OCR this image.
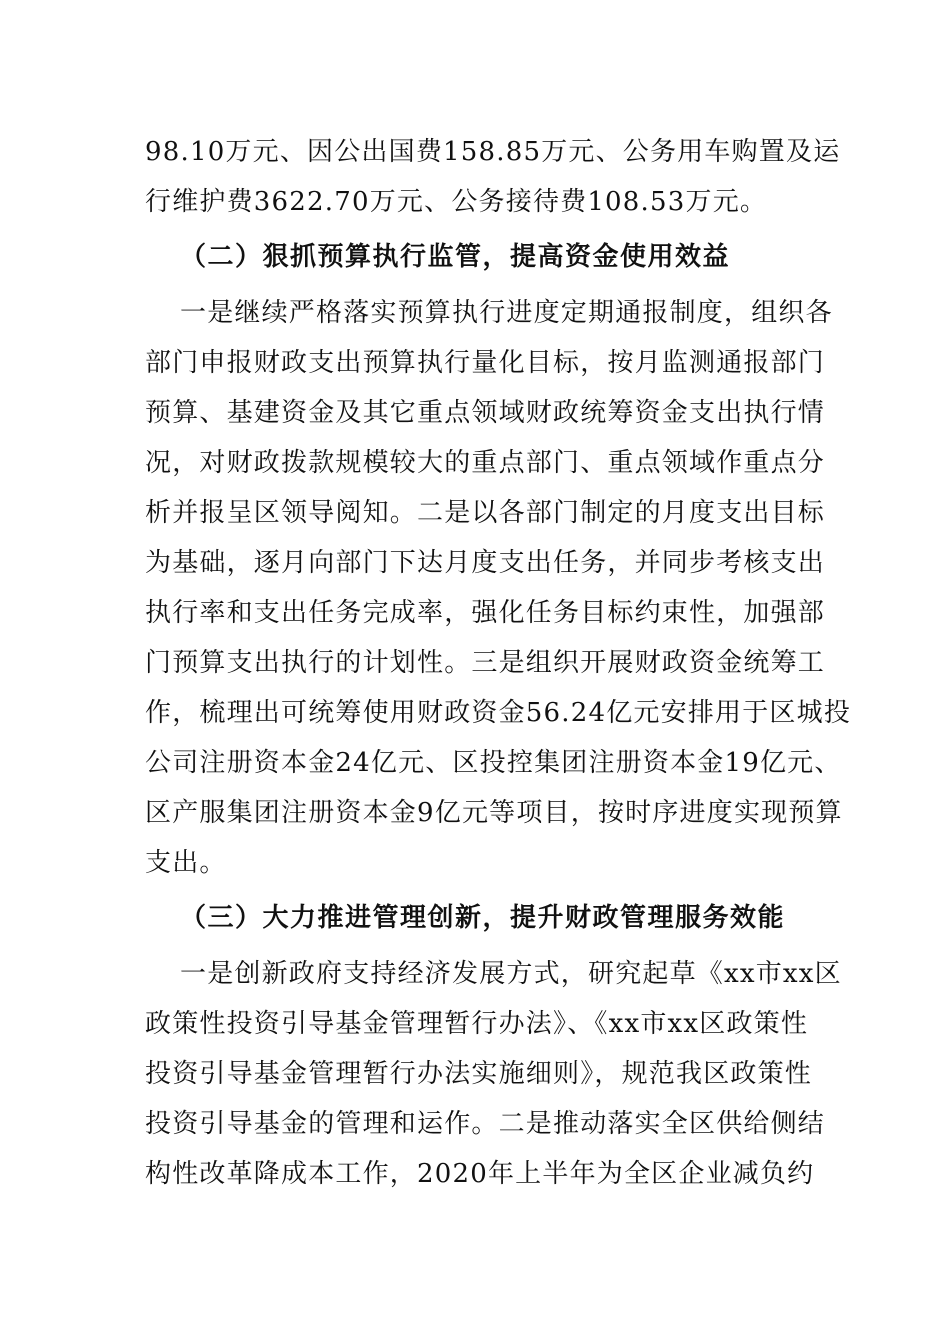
98.10万元、因公出国费158.85万元、公务用车购置及运
行维护费3622.70万元、公务接待费108.53万元。
（二）狠抓预算执行监管，提高资金使用效益
一是继续严格落实预算执行进度定期通报制度，组织各
部门申报财政支出预算执行量化目标，按月监测通报部门
预算、基建资金及其它重点领域财政统筹资金支出执行情
况，对财政拨款规模较大的重点部门、重点领域作重点分
析并报呈区领导阅知。二是以各部门制定的月度支出目标
为基础，逐月向部门下达月度支出任务，并同步考核支出
执行率和支出任务完成率，强化任务目标约束性，加强部
门预算支出执行的计划性。三是组织开展财政资金统筹工
作，梳理出可统筹使用财政资金56.24亿元安排用于区城投
公司注册资本金24亿元、区投控集团注册资本金19亿元、
区产服集团注册资本金9亿元等项目，按时序进度实现预算
支出。
（三）大力推进管理创新，提升财政管理服务效能
一是创新政府支持经济发展方式，研究起草《xx市xx区
政策性投资引导基金管理暂行办法》、《xx市xx区政策性
投资引导基金管理暂行办法实施细则》，规范我区政策性
投资引导基金的管理和运作。二是推动落实全区供给侧结
构性改革降成本工作，2020年上半年为全区企业减负约
